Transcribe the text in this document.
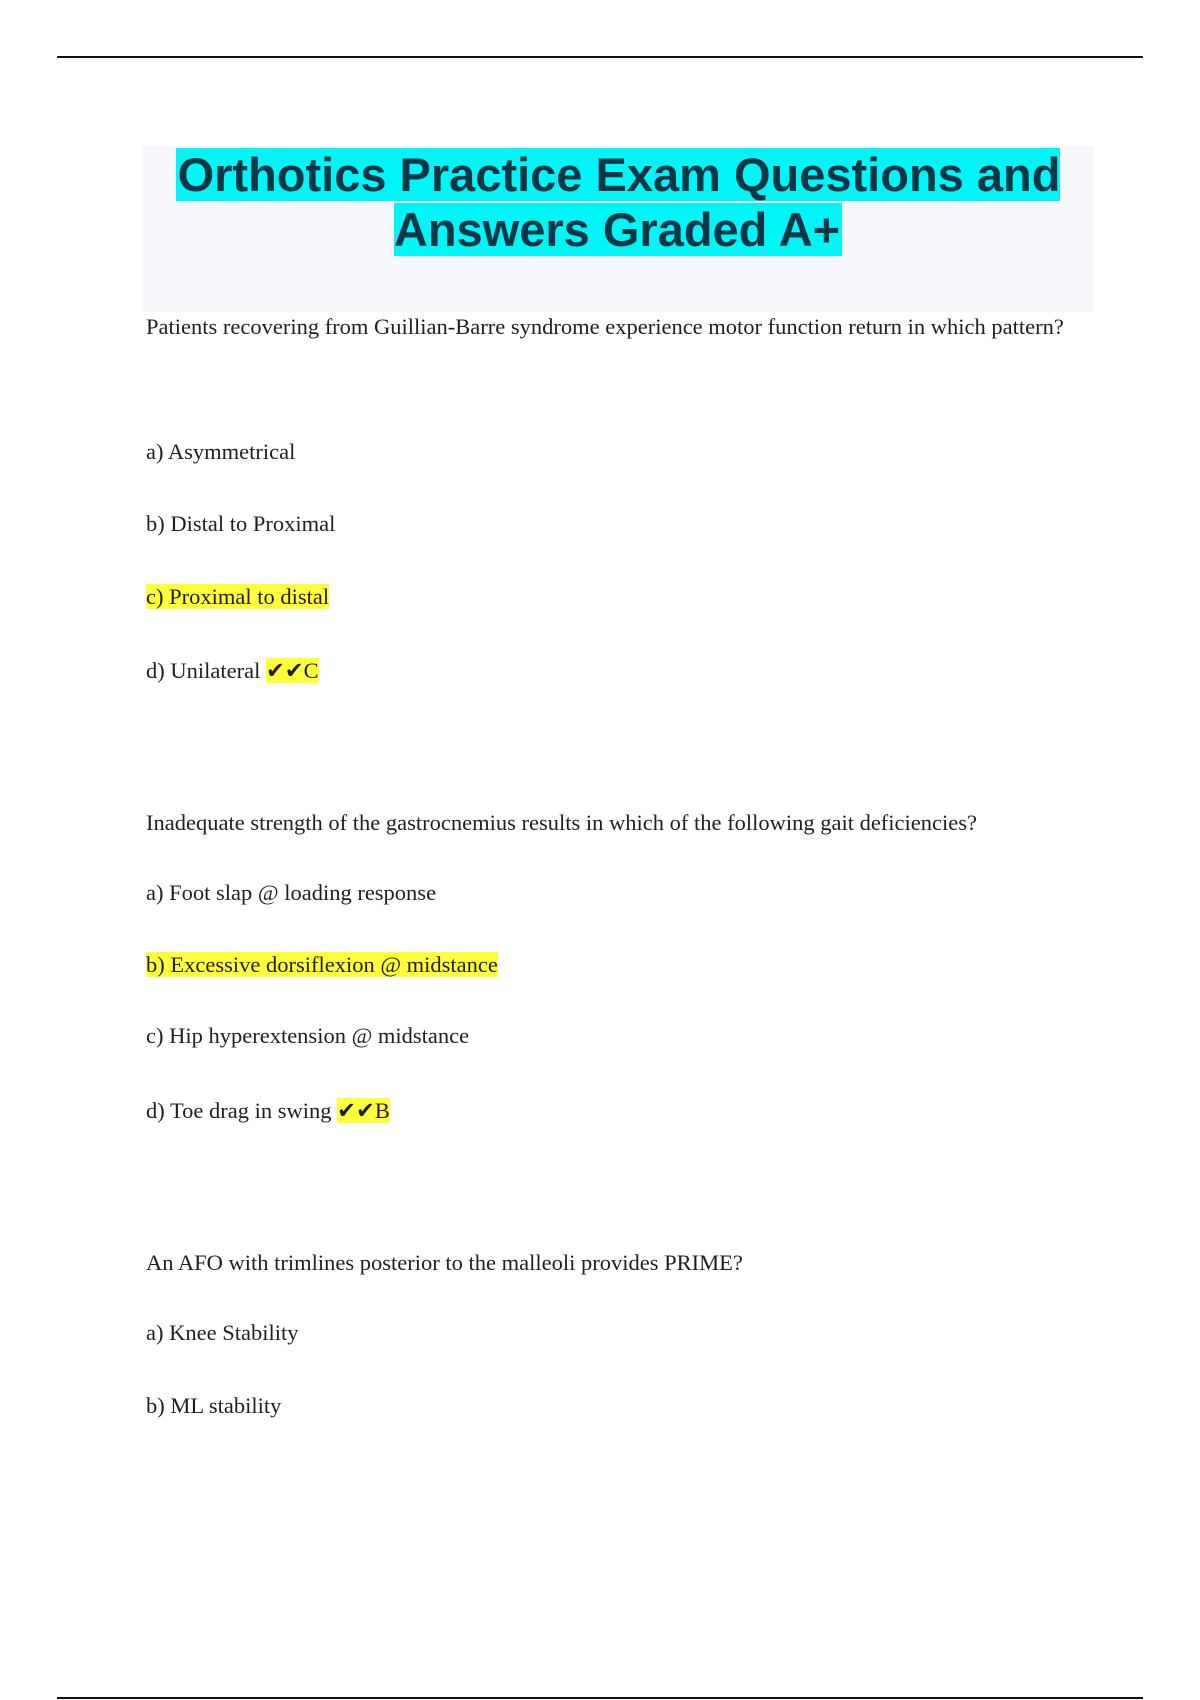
Orthotics Practice Exam Questions and Answers Graded A+

Patients recovering from Guillian-Barre syndrome experience motor function return in which pattern?

a) Asymmetrical

b) Distal to Proximal

c) Proximal to distal

d) Unilateral ✔✔C

Inadequate strength of the gastrocnemius results in which of the following gait deficiencies?

a) Foot slap @ loading response

b) Excessive dorsiflexion @ midstance

c) Hip hyperextension @ midstance

d) Toe drag in swing ✔✔B

An AFO with trimlines posterior to the malleoli provides PRIME?

a) Knee Stability

b) ML stability
